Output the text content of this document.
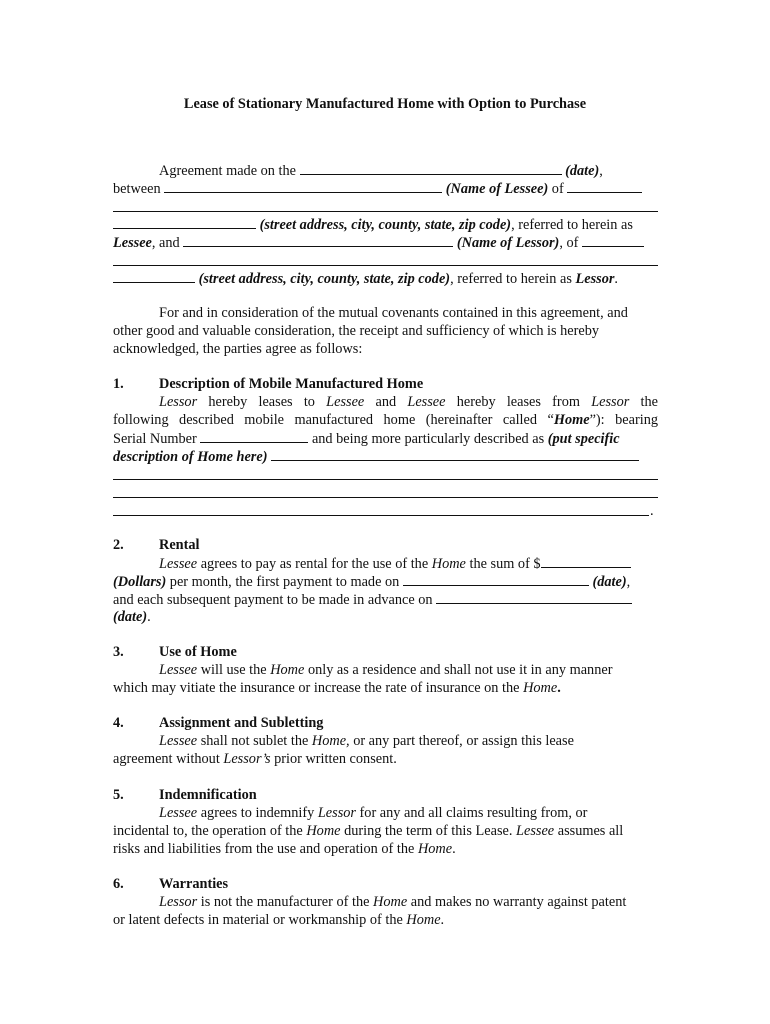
Lease of Stationary Manufactured Home with Option to Purchase
Agreement made on the	(date),
between	(Name of Lessee) of
(street address, city, county, state, zip code), referred to herein as
Lessee, and	(Name of Lessor), of
(street address, city, county, state, zip code), referred to herein as Lessor.
For and in consideration of the mutual covenants contained in this agreement, and
other good and valuable consideration, the receipt and sufficiency of which is hereby
acknowledged, the parties agree as follows:
1. Description of Mobile Manufactured Home
Lessor hereby leases to Lessee and Lessee hereby leases from Lessor the
following described mobile manufactured home (hereinafter called “Home”): bearing
Serial Number	and being more particularly described as (put specific
description of Home here)
.
2. Rental
Lessee agrees to pay as rental for the use of the Home the sum of $
(Dollars) per month, the first payment to made on	(date),
and each subsequent payment to be made in advance on
(date).
3. Use of Home
Lessee will use the Home only as a residence and shall not use it in any manner
which may vitiate the insurance or increase the rate of insurance on the Home.
4. Assignment and Subletting
Lessee shall not sublet the Home, or any part thereof, or assign this lease
agreement without Lessor’s prior written consent.
5. Indemnification
Lessee agrees to indemnify Lessor for any and all claims resulting from, or
incidental to, the operation of the Home during the term of this Lease. Lessee assumes all
risks and liabilities from the use and operation of the Home.
6. Warranties
Lessor is not the manufacturer of the Home and makes no warranty against patent
or latent defects in material or workmanship of the Home.
